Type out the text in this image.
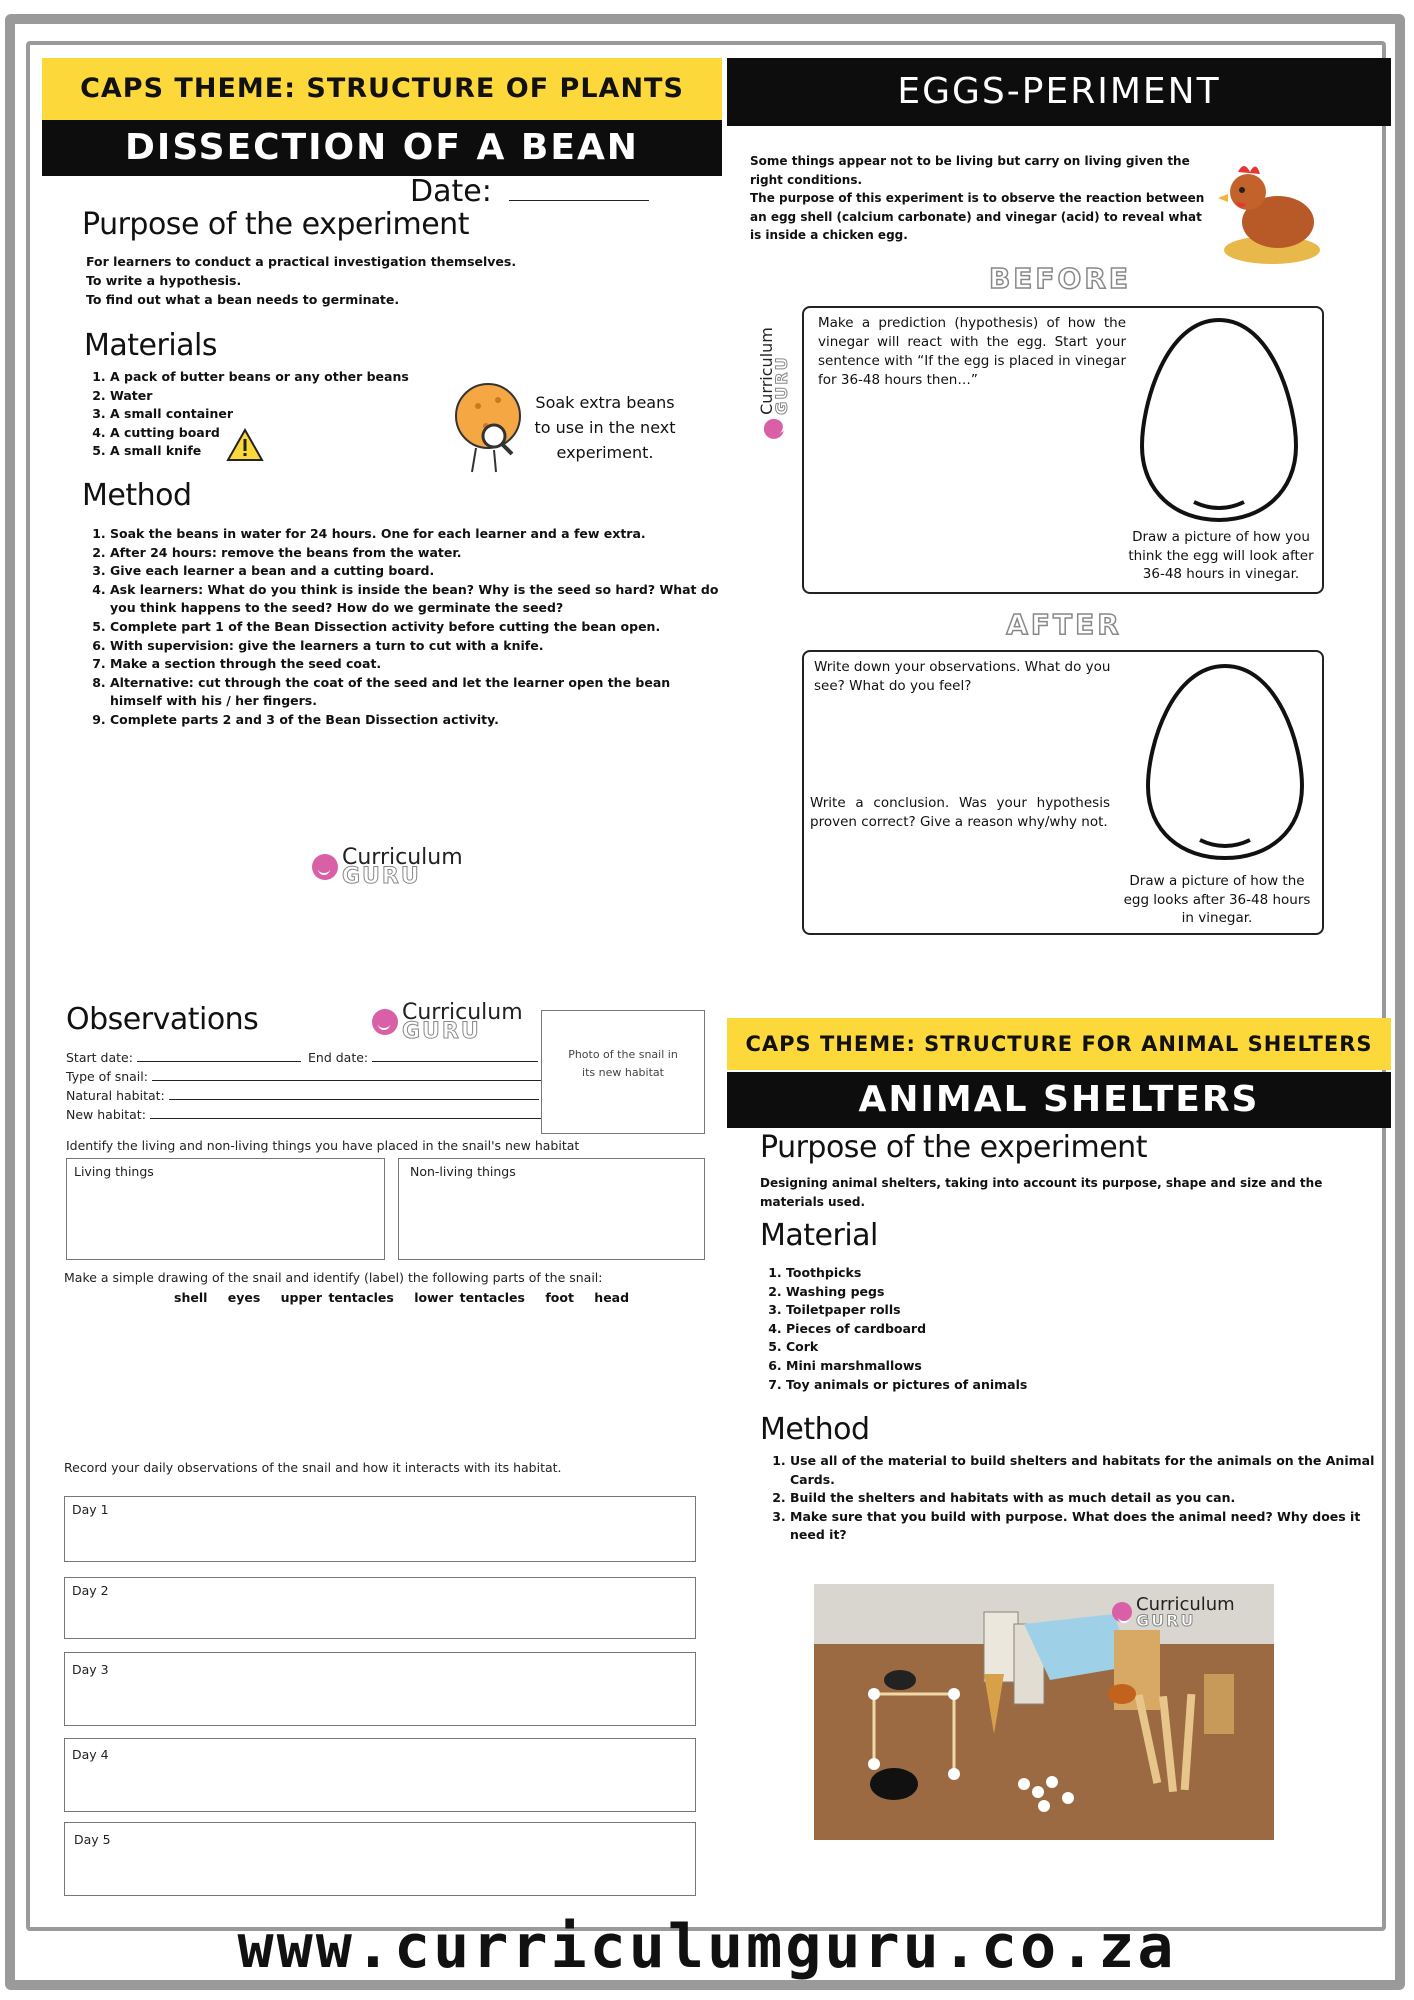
CAPS THEME: STRUCTURE OF PLANTS
DISSECTION OF A BEAN
Date:
Purpose of the experiment
For learners to conduct a practical investigation themselves.
To write a hypothesis.
To find out what a bean needs to germinate.
Materials
1. A pack of butter beans or any other beans
2. Water
3. A small container
4. A cutting board
5. A small knife
Soak extra beans to use in the next experiment.
Method
1. Soak the beans in water for 24 hours. One for each learner and a few extra.
2. After 24 hours: remove the beans from the water.
3. Give each learner a bean and a cutting board.
4. Ask learners: What do you think is inside the bean? Why is the seed so hard? What do you think happens to the seed? How do we germinate the seed?
5. Complete part 1 of the Bean Dissection activity before cutting the bean open.
6. With supervision: give the learners a turn to cut with a knife.
7. Make a section through the seed coat.
8. Alternative: cut through the coat of the seed and let the learner open the bean himself with his / her fingers.
9. Complete parts 2 and 3 of the Bean Dissection activity.
Curriculum
GURU
EGGS-PERIMENT
Some things appear not to be living but carry on living given the right conditions.
The purpose of this experiment is to observe the reaction between an egg shell (calcium carbonate) and vinegar (acid) to reveal what is inside a chicken egg.
BEFORE
Curriculum
GURU
Make a prediction (hypothesis) of how the vinegar will react with the egg. Start your sentence with “If the egg is placed in vinegar for 36-48 hours then…”
Draw a picture of how you think the egg will look after 36-48 hours in vinegar.
AFTER
Write down your observations. What do you see? What do you feel?
Write a conclusion. Was your hypothesis proven correct? Give a reason why/why not.
Draw a picture of how the egg looks after 36-48 hours in vinegar.
Observations	Curriculum
GURU
Start date:	End date:
Type of snail:
Natural habitat:
New habitat:
Photo of the snail in its new habitat
Identify the living and non-living things you have placed in the snail's new habitat
Living things	Non-living things
Make a simple drawing of the snail and identify (label) the following parts of the snail:
shell eyes upper tentacles lower tentacles foot head
Record your daily observations of the snail and how it interacts with its habitat.
Day 1
Day 2
Day 3
Day 4
Day 5
CAPS THEME: STRUCTURE FOR ANIMAL SHELTERS
ANIMAL SHELTERS
Purpose of the experiment
Designing animal shelters, taking into account its purpose, shape and size and the materials used.
Material
1. Toothpicks
2. Washing pegs
3. Toiletpaper rolls
4. Pieces of cardboard
5. Cork
6. Mini marshmallows
7. Toy animals or pictures of animals
Method
1. Use all of the material to build shelters and habitats for the animals on the Animal Cards.
2. Build the shelters and habitats with as much detail as you can.
3. Make sure that you build with purpose. What does the animal need? Why does it need it?
Curriculum
GURU
www.curriculumguru.co.za
